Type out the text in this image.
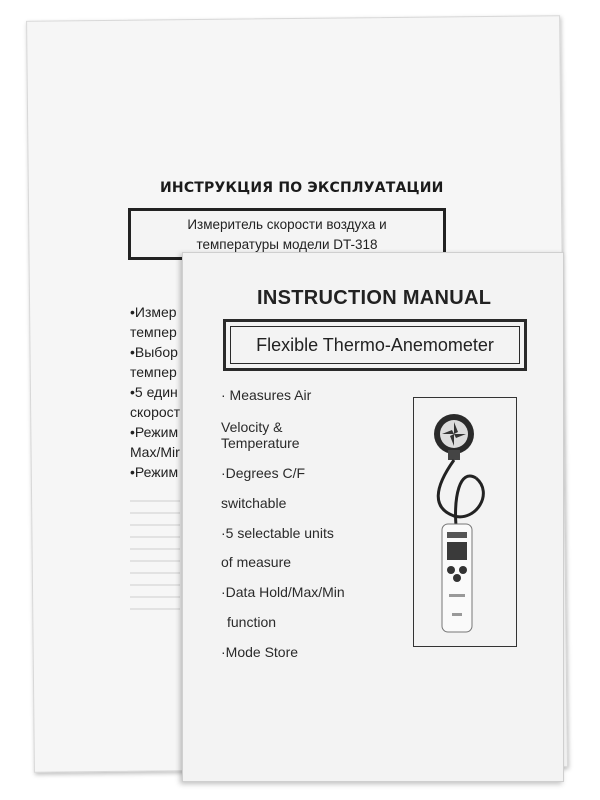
ИНСТРУКЦИЯ ПО ЭКСПЛУАТАЦИИ
Измеритель скорости воздуха и
температуры модели DT-318
•Измер
темпер
•Выбор
темпер
•5 един
скорост
•Режим
Max/Mir
•Режим
INSTRUCTION MANUAL
Flexible Thermo-Anemometer
· Measures Air
Velocity &
Temperature
·Degrees C/F
switchable
·5 selectable units
of measure
·Data Hold/Max/Min
function
·Mode Store
